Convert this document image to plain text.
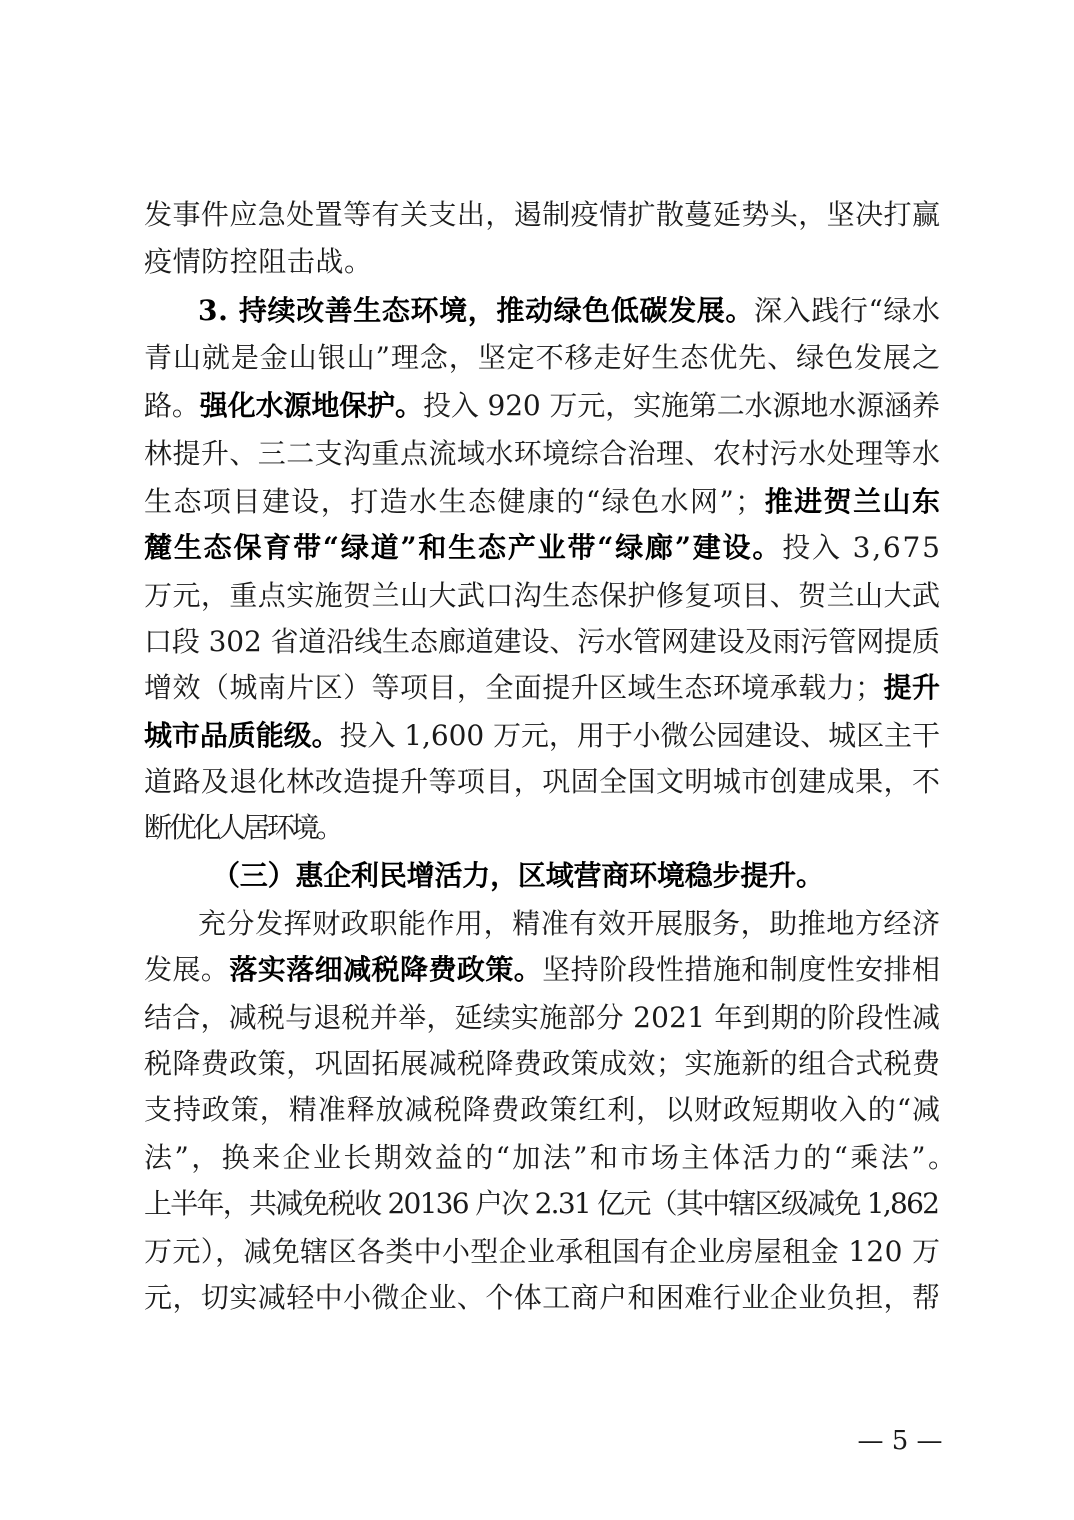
发事件应急处置等有关支出，遏制疫情扩散蔓延势头，坚决打赢
疫情防控阻击战。
3. 持续改善生态环境，推动绿色低碳发展。深入践行“绿水
青山就是金山银山”理念，坚定不移走好生态优先、绿色发展之
路。强化水源地保护。投入 920 万元，实施第二水源地水源涵养
林提升、三二支沟重点流域水环境综合治理、农村污水处理等水
生态项目建设，打造水生态健康的“绿色水网”；推进贺兰山东
麓生态保育带“绿道”和生态产业带“绿廊”建设。投入 3,675
万元，重点实施贺兰山大武口沟生态保护修复项目、贺兰山大武
口段 302 省道沿线生态廊道建设、污水管网建设及雨污管网提质
增效（城南片区）等项目，全面提升区域生态环境承载力；提升
城市品质能级。投入 1,600 万元，用于小微公园建设、城区主干
道路及退化林改造提升等项目，巩固全国文明城市创建成果，不
断优化人居环境。
（三）惠企利民增活力，区域营商环境稳步提升。
充分发挥财政职能作用，精准有效开展服务，助推地方经济
发展。落实落细减税降费政策。坚持阶段性措施和制度性安排相
结合，减税与退税并举，延续实施部分 2021 年到期的阶段性减
税降费政策，巩固拓展减税降费政策成效；实施新的组合式税费
支持政策，精准释放减税降费政策红利，以财政短期收入的“减
法”，换来企业长期效益的“加法”和市场主体活力的“乘法”。
上半年，共减免税收 20136 户次 2.31 亿元（其中辖区级减免 1,862
万元），减免辖区各类中小型企业承租国有企业房屋租金 120 万
元，切实减轻中小微企业、个体工商户和困难行业企业负担，帮
— 5 —
